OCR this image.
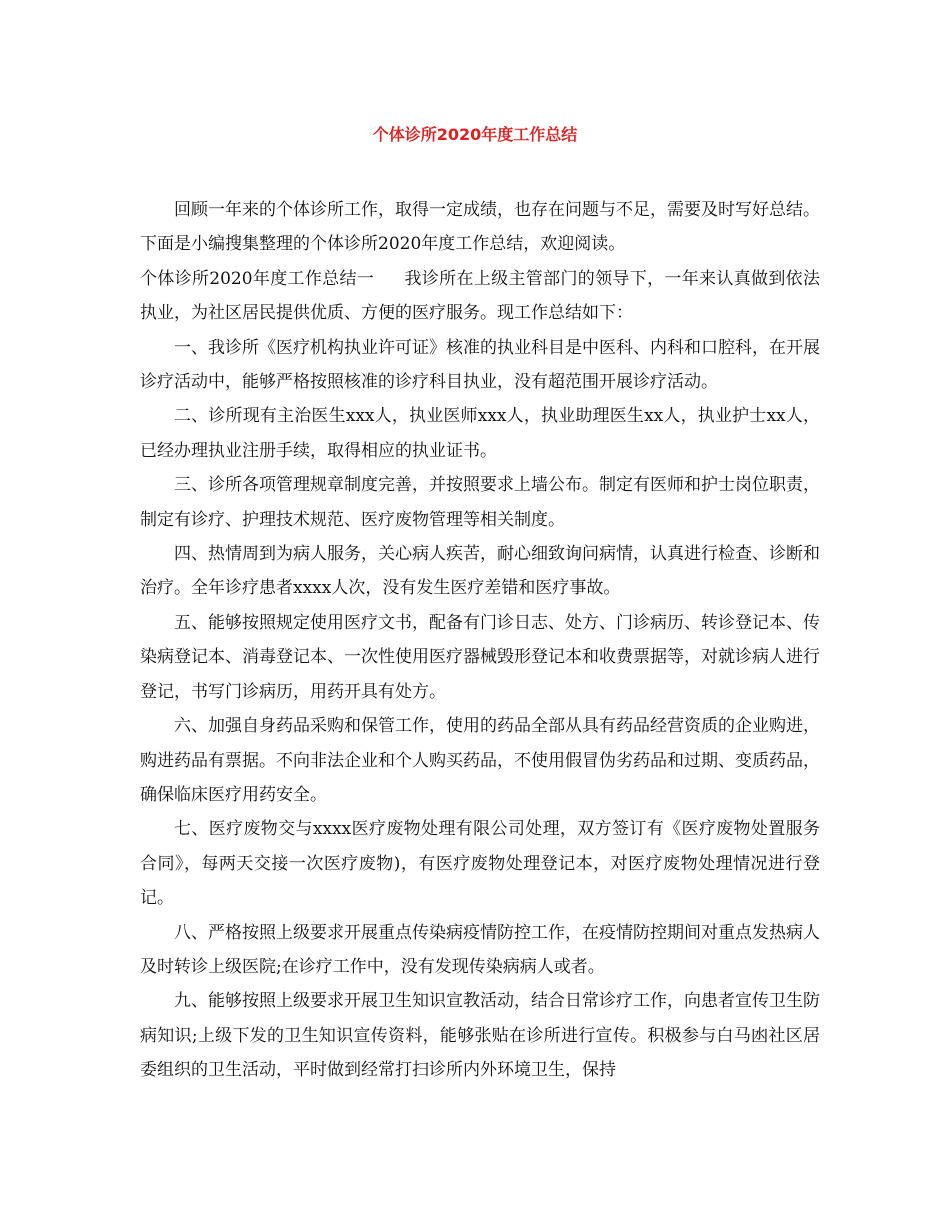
个体诊所2020年度工作总结

回顾一年来的个体诊所工作，取得一定成绩，也存在问题与不足，需要及时写好总结。下面是小编搜集整理的个体诊所2020年度工作总结，欢迎阅读。

个体诊所2020年度工作总结一 我诊所在上级主管部门的领导下，一年来认真做到依法执业，为社区居民提供优质、方便的医疗服务。现工作总结如下：

一、我诊所《医疗机构执业许可证》核准的执业科目是中医科、内科和口腔科，在开展诊疗活动中，能够严格按照核准的诊疗科目执业，没有超范围开展诊疗活动。

二、诊所现有主治医生xxx人，执业医师xxx人，执业助理医生xx人，执业护士xx人，已经办理执业注册手续，取得相应的执业证书。

三、诊所各项管理规章制度完善，并按照要求上墙公布。制定有医师和护士岗位职责，制定有诊疗、护理技术规范、医疗废物管理等相关制度。

四、热情周到为病人服务，关心病人疾苦，耐心细致询问病情，认真进行检查、诊断和治疗。全年诊疗患者xxxx人次，没有发生医疗差错和医疗事故。

五、能够按照规定使用医疗文书，配备有门诊日志、处方、门诊病历、转诊登记本、传染病登记本、消毒登记本、一次性使用医疗器械毁形登记本和收费票据等，对就诊病人进行登记，书写门诊病历，用药开具有处方。

六、加强自身药品采购和保管工作，使用的药品全部从具有药品经营资质的企业购进，购进药品有票据。不向非法企业和个人购买药品，不使用假冒伪劣药品和过期、变质药品，确保临床医疗用药安全。

七、医疗废物交与xxxx医疗废物处理有限公司处理，双方签订有《医疗废物处置服务合同》，每两天交接一次医疗废物)，有医疗废物处理登记本，对医疗废物处理情况进行登记。

八、严格按照上级要求开展重点传染病疫情防控工作，在疫情防控期间对重点发热病人及时转诊上级医院;在诊疗工作中，没有发现传染病病人或者。

九、能够按照上级要求开展卫生知识宣教活动，结合日常诊疗工作，向患者宣传卫生防病知识;上级下发的卫生知识宣传资料，能够张贴在诊所进行宣传。积极参与白马凼社区居委组织的卫生活动，平时做到经常打扫诊所内外环境卫生，保持
